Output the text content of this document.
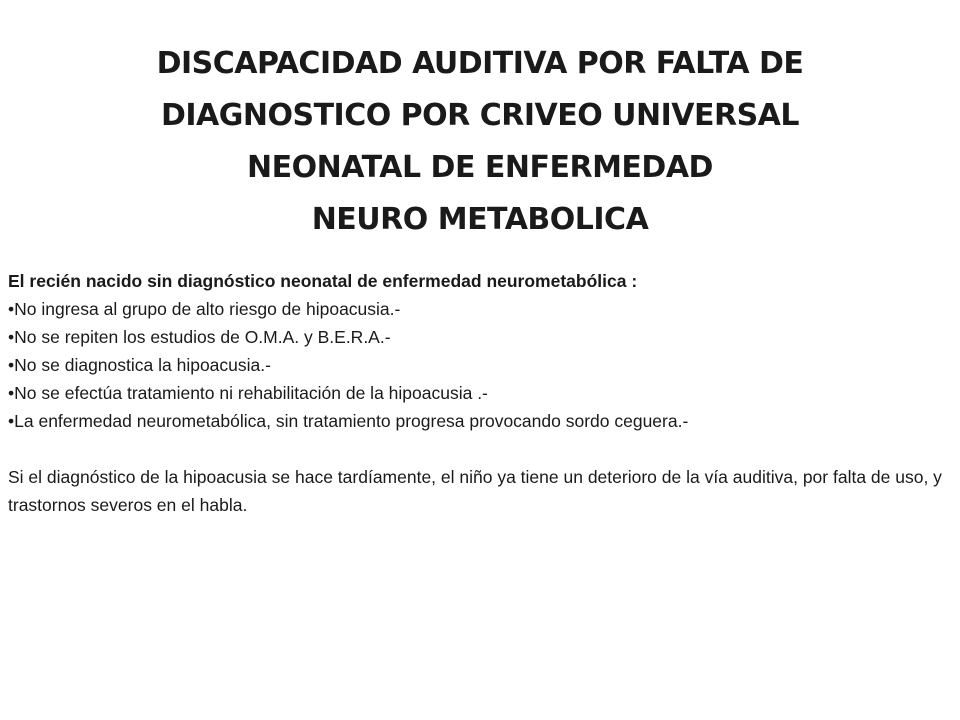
DISCAPACIDAD AUDITIVA POR FALTA DE
DIAGNOSTICO POR CRIVEO UNIVERSAL
NEONATAL DE ENFERMEDAD
NEURO METABOLICA
El recién nacido sin diagnóstico neonatal de enfermedad neurometabólica :
•No ingresa al grupo de alto riesgo de hipoacusia.-
•No se repiten los estudios de O.M.A. y B.E.R.A.-
•No se diagnostica la hipoacusia.-
•No se efectúa tratamiento ni rehabilitación de la hipoacusia .-
•La enfermedad neurometabólica, sin tratamiento progresa provocando sordo ceguera.-

Si el diagnóstico de la hipoacusia se hace tardíamente, el niño ya tiene un deterioro de la vía auditiva, por falta de uso, y trastornos severos en el habla.
